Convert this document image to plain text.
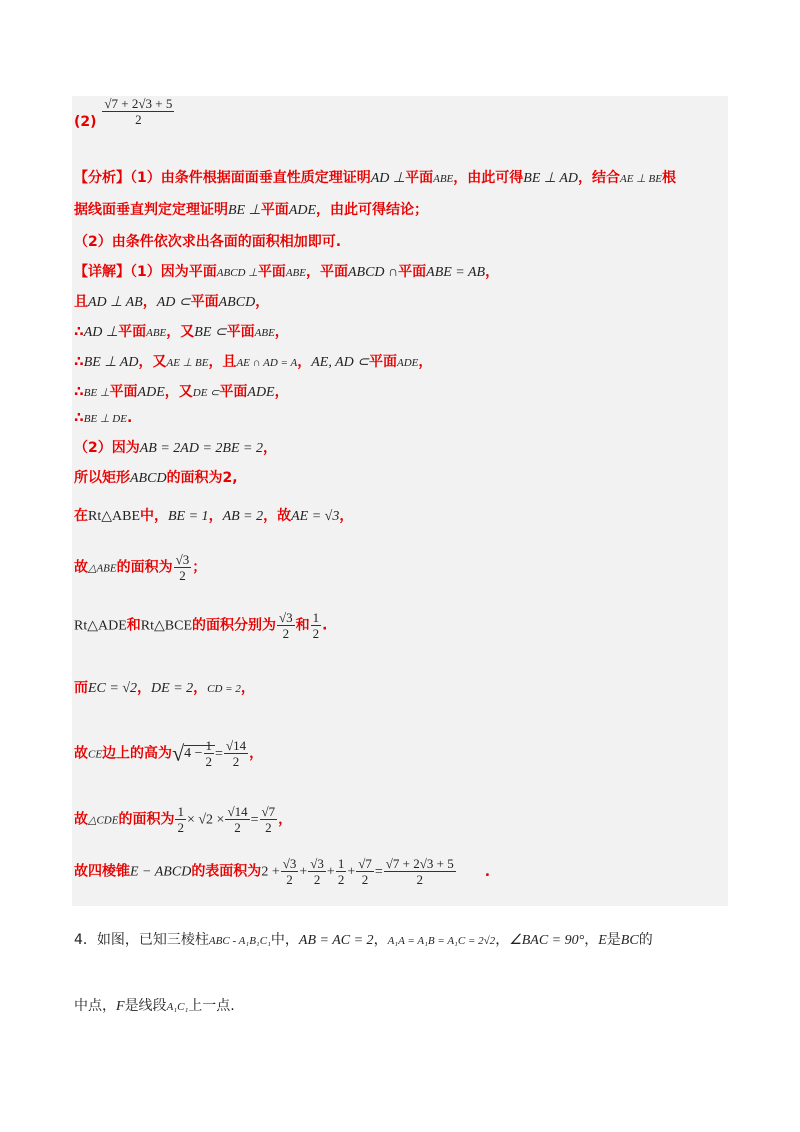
$(2) \frac{√7 + 2√3 + 5}{2}$
【分析】（1）由条件根据面面垂直性质定理证明AD ⊥平面ABE，由此可得BE ⊥ AD，结合AE ⊥ BE根
据线面垂直判定定理证明BE ⊥平面ADE，由此可得结论；
（2）由条件依次求出各面的面积相加即可.
【详解】（1）因为平面ABCD ⊥平面ABE，平面ABCD ∩平面ABE = AB，
且AD ⊥ AB，AD ⊂平面ABCD，
∴AD ⊥平面ABE，又BE ⊂平面ABE，
∴BE ⊥ AD，又AE ⊥ BE，且AE ∩ AD = A，AE, AD ⊂平面ADE，
∴BE ⊥平面ADE，又DE ⊂平面ADE，
∴BE ⊥ DE.
（2）因为AB = 2AD = 2BE = 2，
所以矩形ABCD的面积为2,
在Rt△ABE中，BE = 1，AB = 2，故AE = √3，
故△ABE的面积为 $\frac{√3}{2}$ ；
Rt△ADE和Rt△BCE的面积分别为 $\frac{√3}{2}$ 和 $\frac{1}{2}$ .
而EC = √2，DE = 2，CD = 2，
故CE边上的高为$√4 - \frac{1}{2} = \frac{√14}{2}$ ，
故△CDE的面积为 $\frac{1}{2} \times √2 \times \frac{√14}{2} = \frac{√7}{2}$ ，
故四棱锥E − ABCD的表面积为$2 + \frac{√3}{2} + \frac{√3}{2} + \frac{1}{2} + \frac{√7}{2} = \frac{√7 + 2√3 + 5}{2}$ .
4．如图，已知三棱柱ABC - A₁B₁C₁中，AB = AC = 2，A₁A = A₁B = A₁C = 2√2，∠BAC = 90°，E是BC的
中点，F是线段A₁C₁上一点.
